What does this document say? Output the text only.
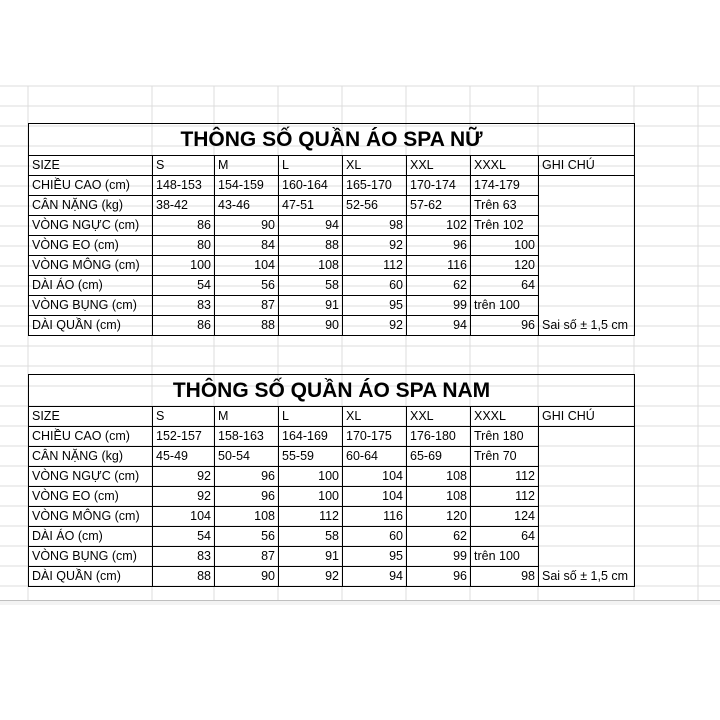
THÔNG SỐ QUẦN ÁO SPA NỮ							
SIZE	S	M	L	XL	XXL	XXXL	GHI CHÚ
CHIỀU CAO (cm)	148-153	154-159	160-164	165-170	170-174	174-179	
CÂN NẶNG (kg)	38-42	43-46	47-51	52-56	57-62	Trên 63	
VÒNG NGỰC (cm)	86	90	94	98	102	Trên 102	
VÒNG EO (cm)	80	84	88	92	96	100	
VÒNG MÔNG (cm)	100	104	108	112	116	120	
DÀI ÁO (cm)	54	56	58	60	62	64	
VÒNG BỤNG (cm)	83	87	91	95	99	trên 100	
DÀI QUẦN (cm)	86	88	90	92	94	96	Sai số ± 1,5 cm
THÔNG SỐ QUẦN ÁO SPA NAM							
SIZE	S	M	L	XL	XXL	XXXL	GHI CHÚ
CHIỀU CAO (cm)	152-157	158-163	164-169	170-175	176-180	Trên 180	
CÂN NẶNG (kg)	45-49	50-54	55-59	60-64	65-69	Trên 70	
VÒNG NGỰC (cm)	92	96	100	104	108	112	
VÒNG EO (cm)	92	96	100	104	108	112	
VÒNG MÔNG (cm)	104	108	112	116	120	124	
DÀI ÁO (cm)	54	56	58	60	62	64	
VÒNG BỤNG (cm)	83	87	91	95	99	trên 100	
DÀI QUẦN (cm)	88	90	92	94	96	98	Sai số ± 1,5 cm
